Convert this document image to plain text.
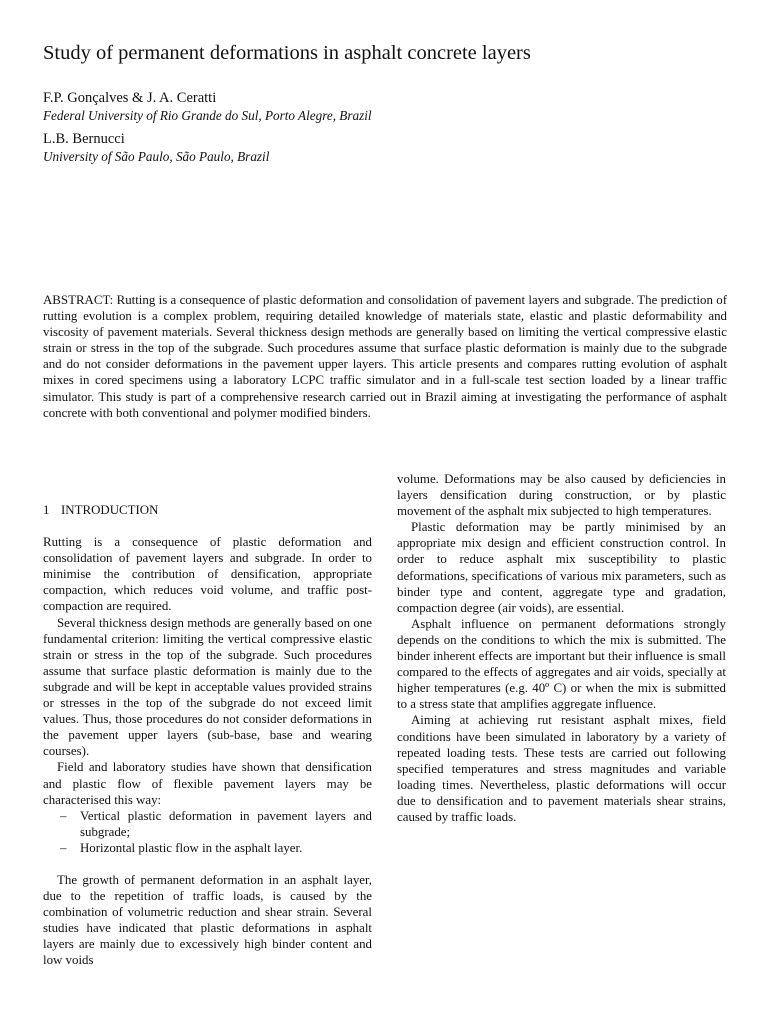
Study of permanent deformations in asphalt concrete layers
F.P. Gonçalves & J. A. Ceratti
Federal University of Rio Grande do Sul, Porto Alegre, Brazil
L.B. Bernucci
University of São Paulo, São Paulo, Brazil

ABSTRACT: Rutting is a consequence of plastic deformation and consolidation of pavement layers and subgrade. The prediction of rutting evolution is a complex problem, requiring detailed knowledge of materials state, elastic and plastic deformability and viscosity of pavement materials. Several thickness design methods are generally based on limiting the vertical compressive elastic strain or stress in the top of the subgrade. Such procedures assume that surface plastic deformation is mainly due to the subgrade and do not consider deformations in the pavement upper layers. This article presents and compares rutting evolution of asphalt mixes in cored specimens using a laboratory LCPC traffic simulator and in a full-scale test section loaded by a linear traffic simulator. This study is part of a comprehensive research carried out in Brazil aiming at investigating the performance of asphalt concrete with both conventional and polymer modified binders.

1 INTRODUCTION

Rutting is a consequence of plastic deformation and consolidation of pavement layers and subgrade. In order to minimise the contribution of densification, appropriate compaction, which reduces void volume, and traffic post-compaction are required.

Several thickness design methods are generally based on one fundamental criterion: limiting the vertical compressive elastic strain or stress in the top of the subgrade. Such procedures assume that surface plastic deformation is mainly due to the subgrade and will be kept in acceptable values provided strains or stresses in the top of the subgrade do not exceed limit values. Thus, those procedures do not consider deformations in the pavement upper layers (sub-base, base and wearing courses).

Field and laboratory studies have shown that densification and plastic flow of flexible pavement layers may be characterised this way:

– Vertical plastic deformation in pavement layers and subgrade;
– Horizontal plastic flow in the asphalt layer.

The growth of permanent deformation in an asphalt layer, due to the repetition of traffic loads, is caused by the combination of volumetric reduction and shear strain. Several studies have indicated that plastic deformations in asphalt layers are mainly due to excessively high binder content and low voids

volume. Deformations may be also caused by deficiencies in layers densification during construction, or by plastic movement of the asphalt mix subjected to high temperatures.

Plastic deformation may be partly minimised by an appropriate mix design and efficient construction control. In order to reduce asphalt mix susceptibility to plastic deformations, specifications of various mix parameters, such as binder type and content, aggregate type and gradation, compaction degree (air voids), are essential.

Asphalt influence on permanent deformations strongly depends on the conditions to which the mix is submitted. The binder inherent effects are important but their influence is small compared to the effects of aggregates and air voids, specially at higher temperatures (e.g. 40º C) or when the mix is submitted to a stress state that amplifies aggregate influence.

Aiming at achieving rut resistant asphalt mixes, field conditions have been simulated in laboratory by a variety of repeated loading tests. These tests are carried out following specified temperatures and stress magnitudes and variable loading times. Nevertheless, plastic deformations will occur due to densification and to pavement materials shear strains, caused by traffic loads.
